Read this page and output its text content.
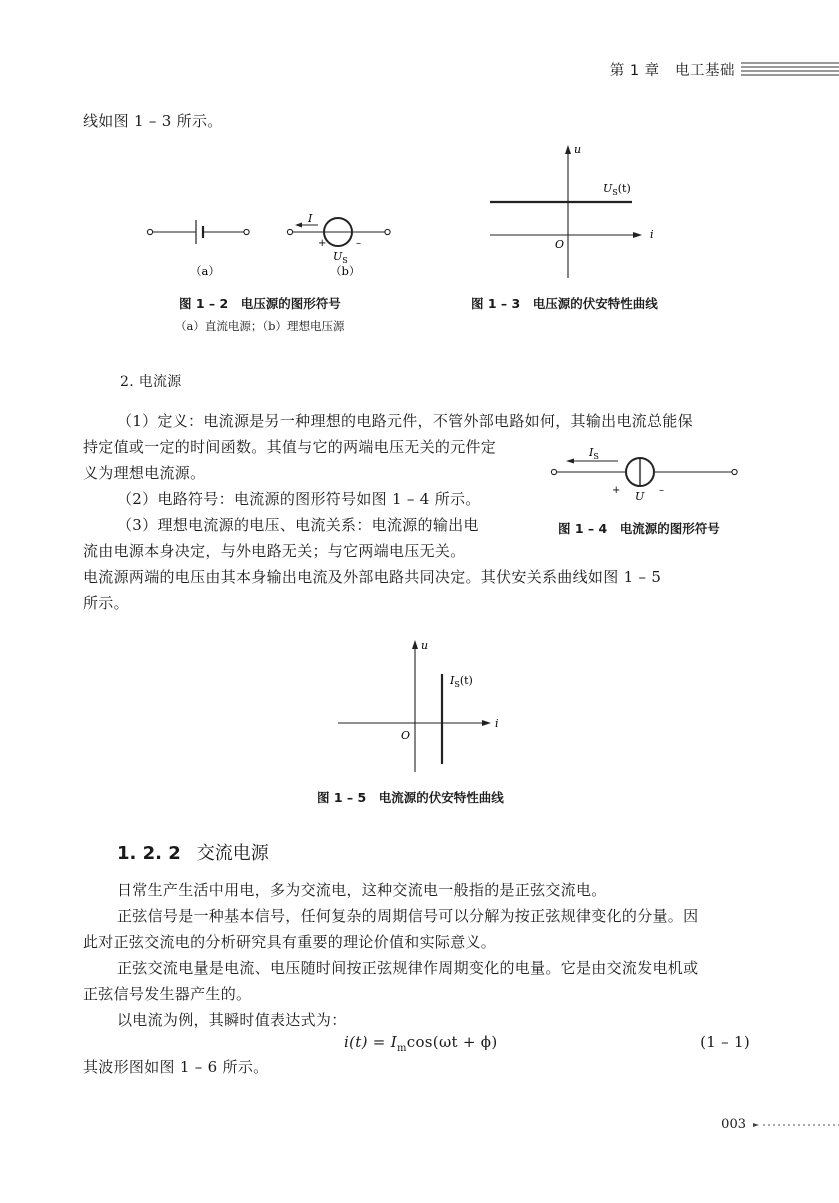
第 1 章 电工基础
线如图 1 – 3 所示。
（a）
I
+	–
$U_S$
（b）
图 1 – 2　电压源的图形符号
（a）直流电源；（b）理想电压源
u
i
O
$U_S(t)$
图 1 – 3　电压源的伏安特性曲线
2. 电流源
（1）定义：电流源是另一种理想的电路元件，不管外部电路如何，其输出电流总能保
持定值或一定的时间函数。其值与它的两端电压无关的元件定
义为理想电流源。
（2）电路符号：电流源的图形符号如图 1 – 4 所示。
（3）理想电流源的电压、电流关系：电流源的输出电
流由电源本身决定，与外电路无关；与它两端电压无关。
电流源两端的电压由其本身输出电流及外部电路共同决定。其伏安关系曲线如图 1 – 5
所示。
$I_S$
+ U –
图 1 – 4　电流源的图形符号
u
i
O
$I_S(t)$
图 1 – 5　电流源的伏安特性曲线
1. 2. 2 交流电源
日常生产生活中用电，多为交流电，这种交流电一般指的是正弦交流电。
正弦信号是一种基本信号，任何复杂的周期信号可以分解为按正弦规律变化的分量。因
此对正弦交流电的分析研究具有重要的理论价值和实际意义。
正弦交流电量是电流、电压随时间按正弦规律作周期变化的电量。它是由交流发电机或
正弦信号发生器产生的。
以电流为例，其瞬时值表达式为：
$i(t) = I_m\cos(\omega t + \phi)$	(1 – 1)
其波形图如图 1 – 6 所示。
003
